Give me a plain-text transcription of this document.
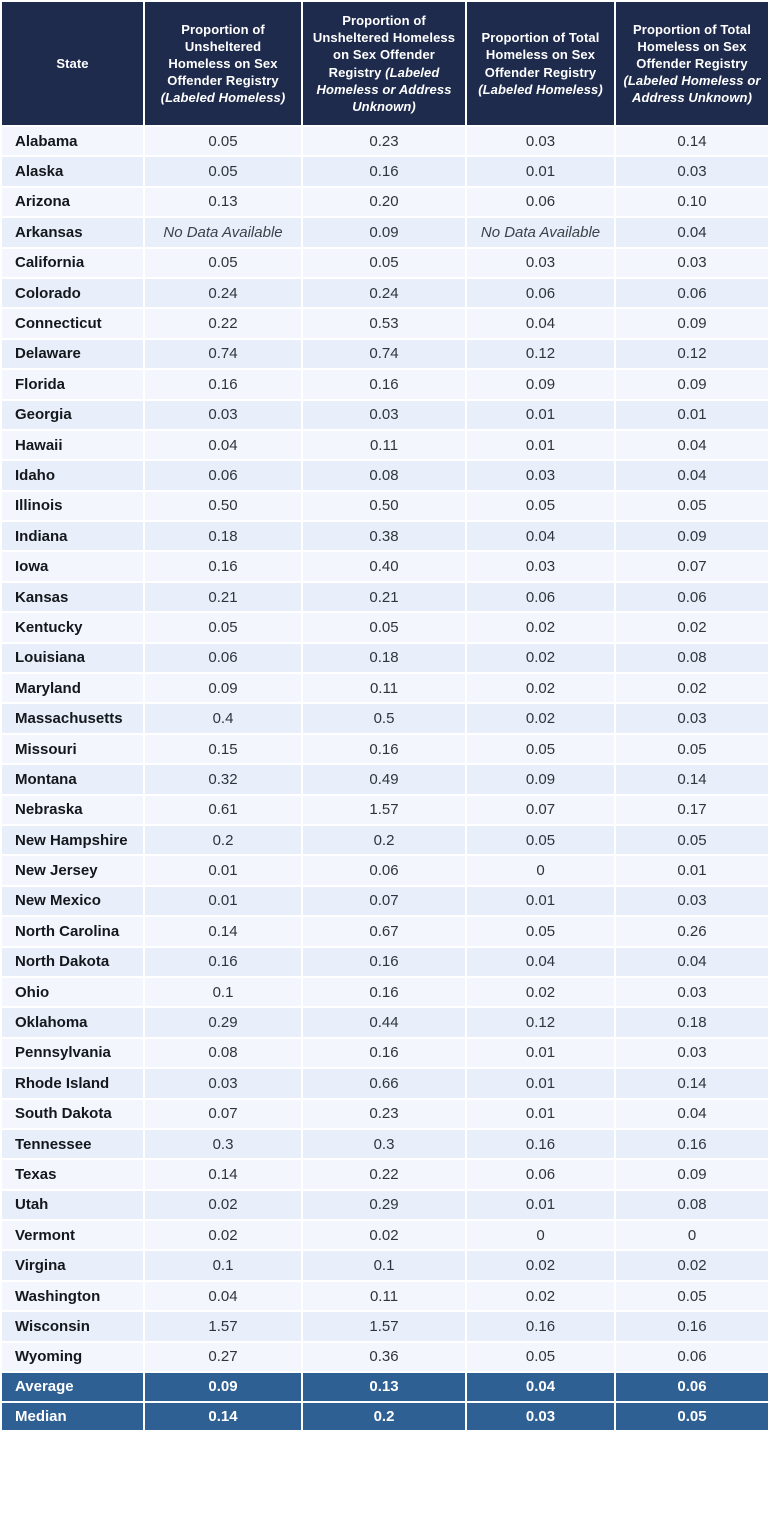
State	Proportion of Unsheltered Homeless on Sex Offender Registry (Labeled Homeless)	Proportion of Unsheltered Homeless on Sex Offender Registry (Labeled Homeless or Address Unknown)	Proportion of Total Homeless on Sex Offender Registry (Labeled Homeless)	Proportion of Total Homeless on Sex Offender Registry (Labeled Homeless or Address Unknown)
Alabama	0.05	0.23	0.03	0.14
Alaska	0.05	0.16	0.01	0.03
Arizona	0.13	0.20	0.06	0.10
Arkansas	No Data Available	0.09	No Data Available	0.04
California	0.05	0.05	0.03	0.03
Colorado	0.24	0.24	0.06	0.06
Connecticut	0.22	0.53	0.04	0.09
Delaware	0.74	0.74	0.12	0.12
Florida	0.16	0.16	0.09	0.09
Georgia	0.03	0.03	0.01	0.01
Hawaii	0.04	0.11	0.01	0.04
Idaho	0.06	0.08	0.03	0.04
Illinois	0.50	0.50	0.05	0.05
Indiana	0.18	0.38	0.04	0.09
Iowa	0.16	0.40	0.03	0.07
Kansas	0.21	0.21	0.06	0.06
Kentucky	0.05	0.05	0.02	0.02
Louisiana	0.06	0.18	0.02	0.08
Maryland	0.09	0.11	0.02	0.02
Massachusetts	0.4	0.5	0.02	0.03
Missouri	0.15	0.16	0.05	0.05
Montana	0.32	0.49	0.09	0.14
Nebraska	0.61	1.57	0.07	0.17
New Hampshire	0.2	0.2	0.05	0.05
New Jersey	0.01	0.06	0	0.01
New Mexico	0.01	0.07	0.01	0.03
North Carolina	0.14	0.67	0.05	0.26
North Dakota	0.16	0.16	0.04	0.04
Ohio	0.1	0.16	0.02	0.03
Oklahoma	0.29	0.44	0.12	0.18
Pennsylvania	0.08	0.16	0.01	0.03
Rhode Island	0.03	0.66	0.01	0.14
South Dakota	0.07	0.23	0.01	0.04
Tennessee	0.3	0.3	0.16	0.16
Texas	0.14	0.22	0.06	0.09
Utah	0.02	0.29	0.01	0.08
Vermont	0.02	0.02	0	0
Virgina	0.1	0.1	0.02	0.02
Washington	0.04	0.11	0.02	0.05
Wisconsin	1.57	1.57	0.16	0.16
Wyoming	0.27	0.36	0.05	0.06
Average	0.09	0.13	0.04	0.06
Median	0.14	0.2	0.03	0.05
